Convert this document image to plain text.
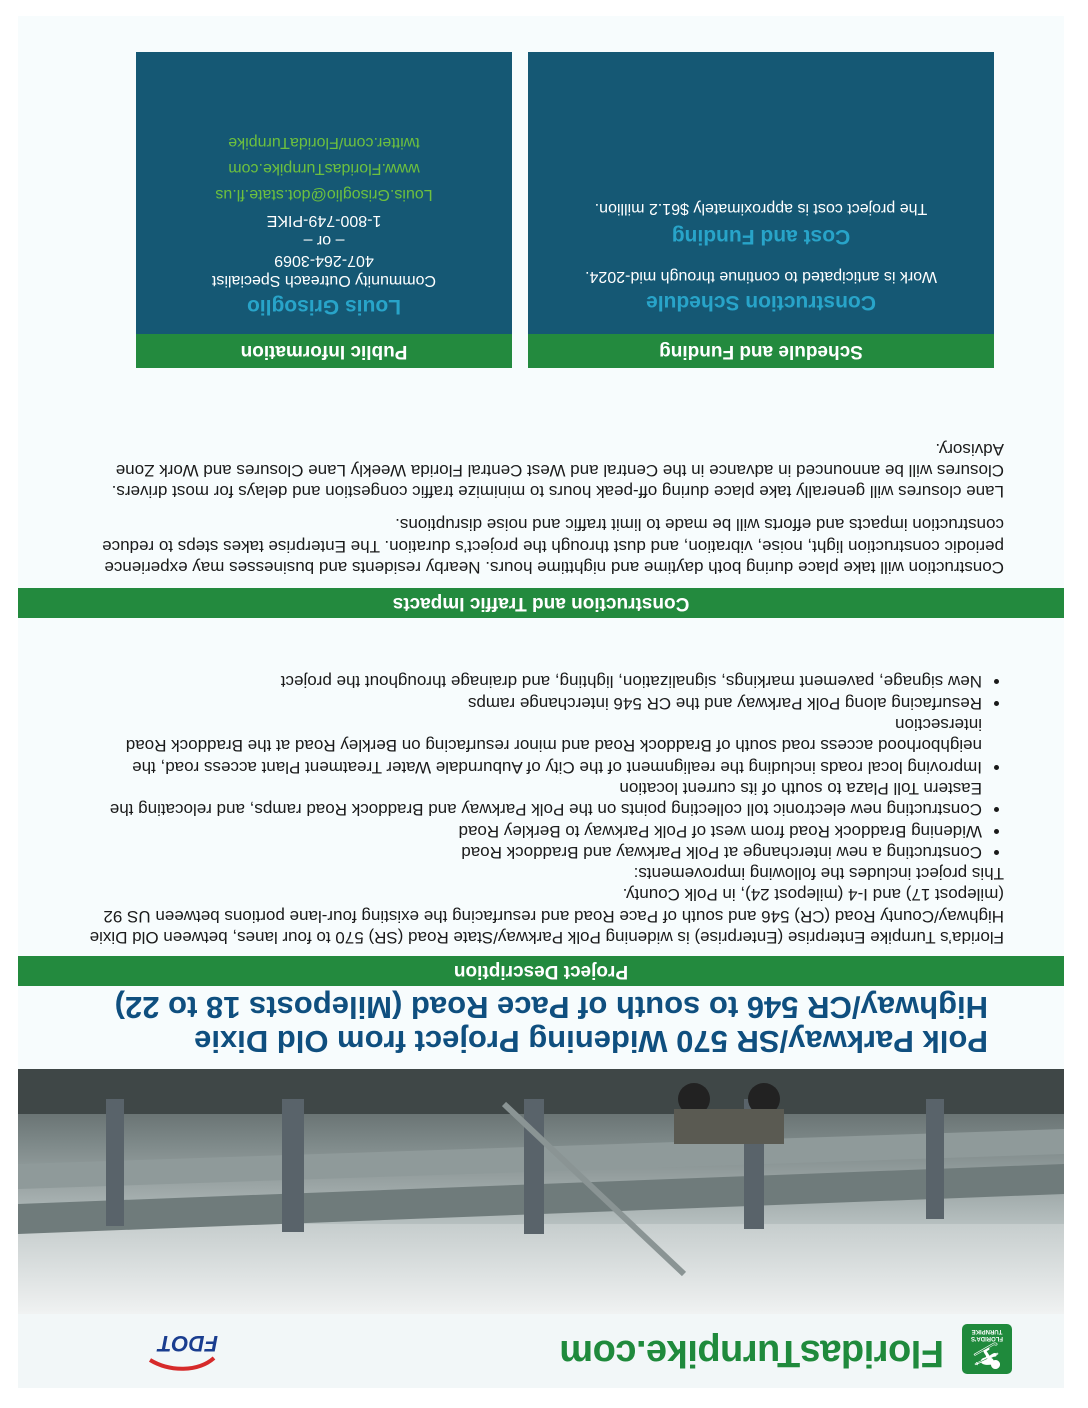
⛷
FLORIDA'S TURNPIKE
FloridasTurnpike.com
FDOT
Polk Parkway/SR 570 Widening Project from Old Dixie Highway/CR 546 to south of Pace Road (Mileposts 18 to 22)
Project Description

Florida’s Turnpike Enterprise (Enterprise) is widening Polk Parkway/State Road (SR) 570 to four lanes, between Old Dixie Highway/County Road (CR) 546 and south of Pace Road and resurfacing the existing four-lane portions between US 92 (milepost 17) and I-4 (milepost 24), in Polk County.

This project includes the following improvements:

• Constructing a new interchange at Polk Parkway and Braddock Road
• Widening Braddock Road from west of Polk Parkway to Berkley Road
• Constructing new electronic toll collecting points on the Polk Parkway and Braddock Road ramps, and relocating the Eastern Toll Plaza to south of its current location
• Improving local roads including the realignment of the City of Auburndale Water Treatment Plant access road, the neighborhood access road south of Braddock Road and minor resurfacing on Berkley Road at the Braddock Road intersection
• Resurfacing along Polk Parkway and the CR 546 interchange ramps
• New signage, pavement markings, signalization, lighting, and drainage throughout the project
Construction and Traffic Impacts

Construction will take place during both daytime and nighttime hours. Nearby residents and businesses may experience periodic construction light, noise, vibration, and dust through the project’s duration. The Enterprise takes steps to reduce construction impacts and efforts will be made to limit traffic and noise disruptions.

Lane closures will generally take place during off-peak hours to minimize traffic congestion and delays for most drivers. Closures will be announced in advance in the Central and West Central Florida Weekly Lane Closures and Work Zone Advisory.

Schedule and Funding
Construction Schedule
Work is anticipated to continue through mid-2024.
Cost and Funding
The project cost is approximately $61.2 million.
Public Information
Louis Grisoglio
Community Outreach Specialist
407-264-3069
– or –
1-800-749-PIKE
Louis.Grisoglio@dot.state.fl.us
www.FloridasTurnpike.com
twitter.com/FloridaTurnpike
